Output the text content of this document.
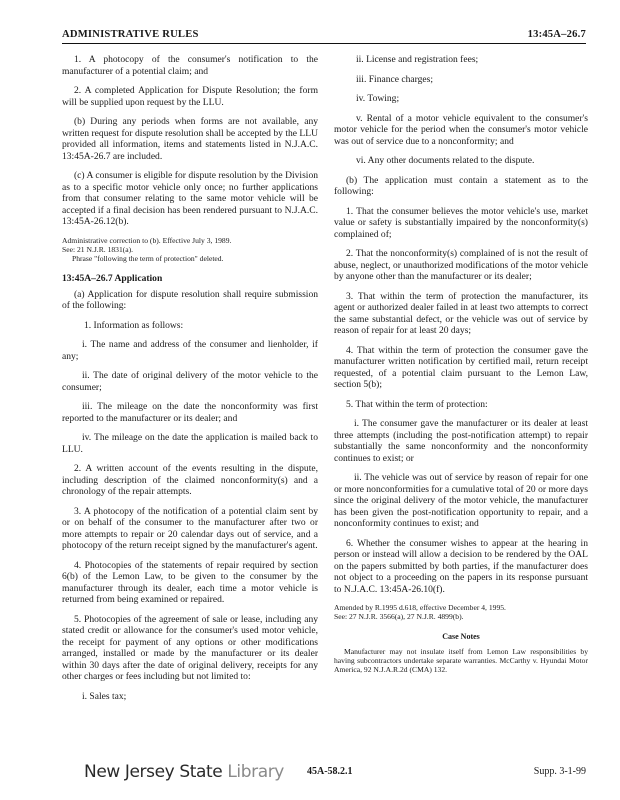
ADMINISTRATIVE RULES	13:45A–26.7

1. A photocopy of the consumer's notification to the manufacturer of a potential claim; and

2. A completed Application for Dispute Resolution; the form will be supplied upon request by the LLU.

(b) During any periods when forms are not available, any written request for dispute resolution shall be accepted by the LLU provided all information, items and statements listed in N.J.A.C. 13:45A-26.7 are included.

(c) A consumer is eligible for dispute resolution by the Division as to a specific motor vehicle only once; no further applications from that consumer relating to the same motor vehicle will be accepted if a final decision has been rendered pursuant to N.J.A.C. 13:45A-26.12(b).

Administrative correction to (b). Effective July 3, 1989.
See: 21 N.J.R. 1831(a).

Phrase "following the term of protection" deleted.

13:45A–26.7 Application

(a) Application for dispute resolution shall require submission of the following:

1. Information as follows:

i. The name and address of the consumer and lienholder, if any;

ii. The date of original delivery of the motor vehicle to the consumer;

iii. The mileage on the date the nonconformity was first reported to the manufacturer or its dealer; and

iv. The mileage on the date the application is mailed back to LLU.

2. A written account of the events resulting in the dispute, including description of the claimed nonconformity(s) and a chronology of the repair attempts.

3. A photocopy of the notification of a potential claim sent by or on behalf of the consumer to the manufacturer after two or more attempts to repair or 20 calendar days out of service, and a photocopy of the return receipt signed by the manufacturer's agent.

4. Photocopies of the statements of repair required by section 6(b) of the Lemon Law, to be given to the consumer by the manufacturer through its dealer, each time a motor vehicle is returned from being examined or repaired.

5. Photocopies of the agreement of sale or lease, including any stated credit or allowance for the consumer's used motor vehicle, the receipt for payment of any options or other modifications arranged, installed or made by the manufacturer or its dealer within 30 days after the date of original delivery, receipts for any other charges or fees including but not limited to:

i. Sales tax;

ii. License and registration fees;

iii. Finance charges;

iv. Towing;

v. Rental of a motor vehicle equivalent to the consumer's motor vehicle for the period when the consumer's motor vehicle was out of service due to a nonconformity; and

vi. Any other documents related to the dispute.

(b) The application must contain a statement as to the following:

1. That the consumer believes the motor vehicle's use, market value or safety is substantially impaired by the nonconformity(s) complained of;

2. That the nonconformity(s) complained of is not the result of abuse, neglect, or unauthorized modifications of the motor vehicle by anyone other than the manufacturer or its dealer;

3. That within the term of protection the manufacturer, its agent or authorized dealer failed in at least two attempts to correct the same substantial defect, or the vehicle was out of service by reason of repair for at least 20 days;

4. That within the term of protection the consumer gave the manufacturer written notification by certified mail, return receipt requested, of a potential claim pursuant to the Lemon Law, section 5(b);

5. That within the term of protection:

i. The consumer gave the manufacturer or its dealer at least three attempts (including the post-notification attempt) to repair substantially the same nonconformity and the nonconformity continues to exist; or

ii. The vehicle was out of service by reason of repair for one or more nonconformities for a cumulative total of 20 or more days since the original delivery of the motor vehicle, the manufacturer has been given the post-notification opportunity to repair, and a nonconformity continues to exist; and

6. Whether the consumer wishes to appear at the hearing in person or instead will allow a decision to be rendered by the OAL on the papers submitted by both parties, if the manufacturer does not object to a proceeding on the papers in its response pursuant to N.J.A.C. 13:45A-26.10(f).

Amended by R.1995 d.618, effective December 4, 1995.
See: 27 N.J.R. 3566(a), 27 N.J.R. 4899(b).

Case Notes

Manufacturer may not insulate itself from Lemon Law responsibilities by having subcontractors undertake separate warranties. McCarthy v. Hyundai Motor America, 92 N.J.A.R.2d (CMA) 132.

New Jersey State Library 45A-58.2.1	Supp. 3-1-99
